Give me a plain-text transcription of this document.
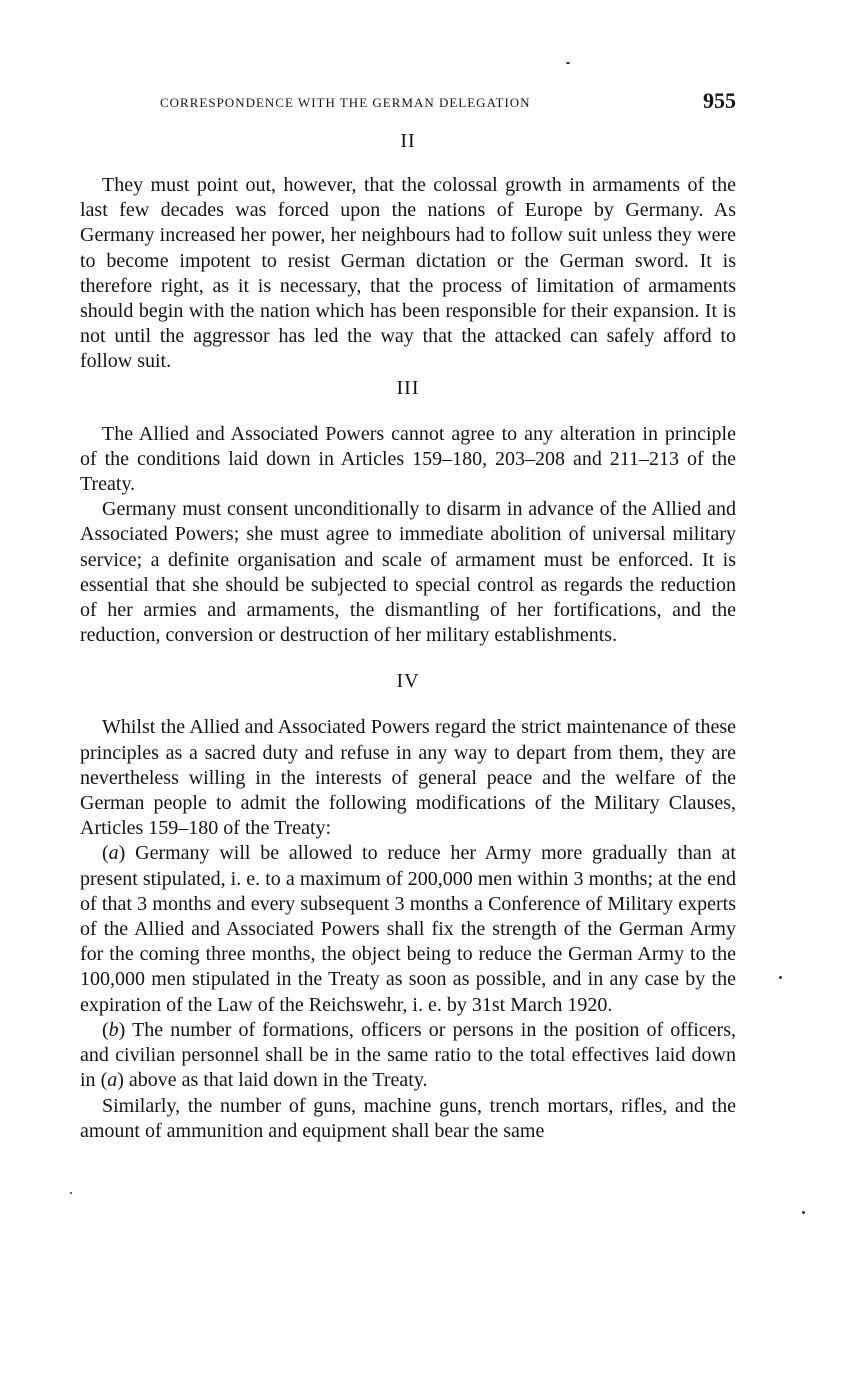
CORRESPONDENCE WITH THE GERMAN DELEGATION	955
II

They must point out, however, that the colossal growth in armaments of the last few decades was forced upon the nations of Europe by Germany. As Germany increased her power, her neighbours had to follow suit unless they were to become impotent to resist German dictation or the German sword. It is therefore right, as it is necessary, that the process of limitation of armaments should begin with the nation which has been responsible for their expansion. It is not until the aggressor has led the way that the attacked can safely afford to follow suit.

III

The Allied and Associated Powers cannot agree to any alteration in principle of the conditions laid down in Articles 159–180, 203–208 and 211–213 of the Treaty.

Germany must consent unconditionally to disarm in advance of the Allied and Associated Powers; she must agree to immediate abolition of universal military service; a definite organisation and scale of armament must be enforced. It is essential that she should be subjected to special control as regards the reduction of her armies and armaments, the dismantling of her fortifications, and the reduction, conversion or destruction of her military establishments.

IV

Whilst the Allied and Associated Powers regard the strict maintenance of these principles as a sacred duty and refuse in any way to depart from them, they are nevertheless willing in the interests of general peace and the welfare of the German people to admit the following modifications of the Military Clauses, Articles 159–180 of the Treaty:

(a) Germany will be allowed to reduce her Army more gradually than at present stipulated, i. e. to a maximum of 200,000 men within 3 months; at the end of that 3 months and every subsequent 3 months a Conference of Military experts of the Allied and Associated Powers shall fix the strength of the German Army for the coming three months, the object being to reduce the German Army to the 100,000 men stipulated in the Treaty as soon as possible, and in any case by the expiration of the Law of the Reichswehr, i. e. by 31st March 1920.

(b) The number of formations, officers or persons in the position of officers, and civilian personnel shall be in the same ratio to the total effectives laid down in (a) above as that laid down in the Treaty.

Similarly, the number of guns, machine guns, trench mortars, rifles, and the amount of ammunition and equipment shall bear the same
